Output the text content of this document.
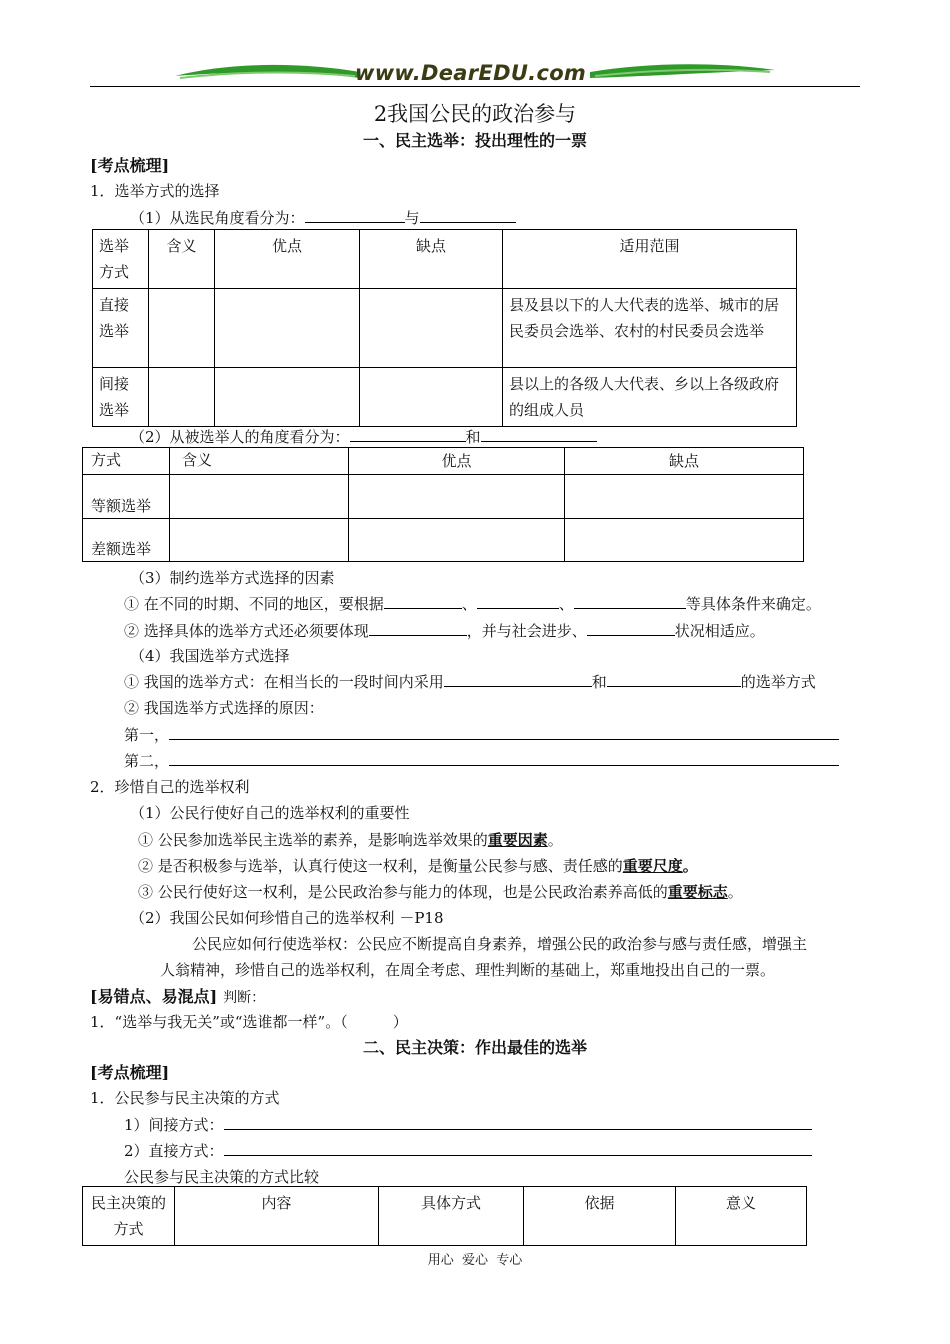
www.DearEDU.com
2我国公民的政治参与
一、民主选举：投出理性的一票
[考点梳理]
1．选举方式的选择
（1）从选民角度看分为：	与
选举方式	含义	优点	缺点	适用范围
直接选举				县及县以下的人大代表的选举、城市的居民委员会选举、农村的村民委员会选举
间接选举				县以上的各级人大代表、乡以上各级政府的组成人员
（2）从被选举人的角度看分为：	和
方式	含义	优点	缺点
等额选举			
差额选举			
（3）制约选举方式选择的因素
① 在不同的时期、不同的地区，要根据	、	、	等具体条件来确定。
② 选择具体的选举方式还必须要体现	，并与社会进步、	状况相适应。
（4）我国选举方式选择
① 我国的选举方式：在相当长的一段时间内采用	和	的选举方式
② 我国选举方式选择的原因：
第一，
第二，
2．珍惜自己的选举权利
（1）公民行使好自己的选举权利的重要性
① 公民参加选举民主选举的素养，是影响选举效果的重要因素。
② 是否积极参与选举，认真行使这一权利，是衡量公民参与感、责任感的重要尺度。
③ 公民行使好这一权利，是公民政治参与能力的体现，也是公民政治素养高低的重要标志。
（2）我国公民如何珍惜自己的选举权利 －P18
公民应如何行使选举权：公民应不断提高自身素养，增强公民的政治参与感与责任感，增强主
人翁精神，珍惜自己的选举权利，在周全考虑、理性判断的基础上，郑重地投出自己的一票。
[易错点、易混点] 判断：
1．“选举与我无关”或“选谁都一样”。（　　　）
二、民主决策：作出最佳的选举
[考点梳理]
1．公民参与民主决策的方式
1）间接方式：
2）直接方式：
公民参与民主决策的方式比较
民主决策的方式	内容	具体方式	依据	意义
用心  爱心  专心
